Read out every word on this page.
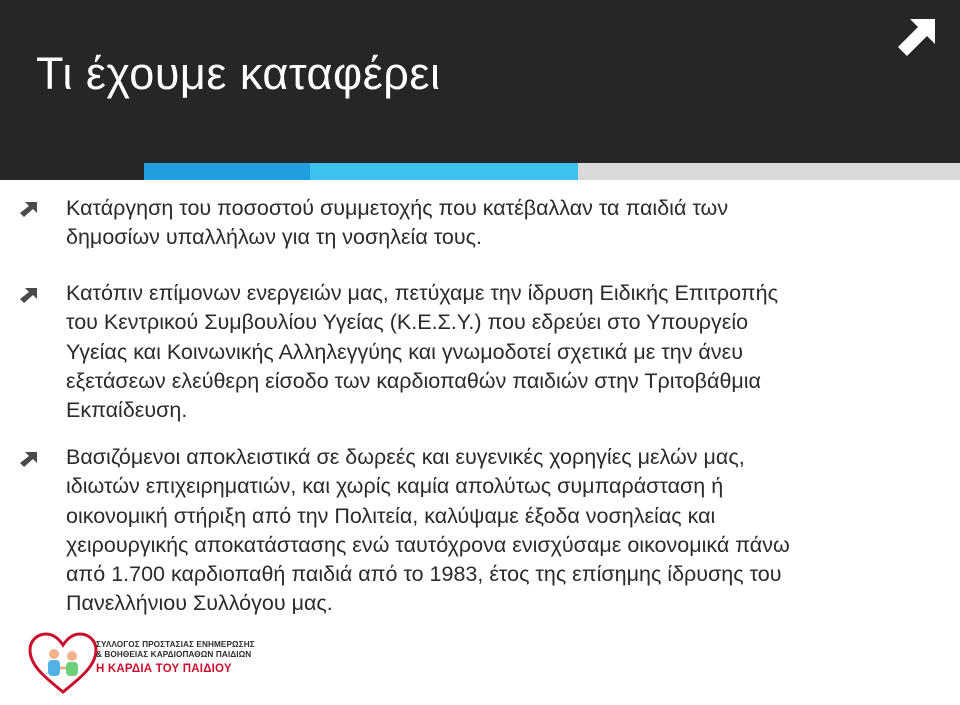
Τι έχουμε καταφέρει
Κατάργηση του ποσοστού συμμετοχής που κατέβαλλαν τα παιδιά των
δημοσίων υπαλλήλων για τη νοσηλεία τους.
Κατόπιν επίμονων ενεργειών μας, πετύχαμε την ίδρυση Ειδικής Επιτροπής
του Κεντρικού Συμβουλίου Υγείας (Κ.Ε.Σ.Υ.) που εδρεύει στο Υπουργείο
Υγείας και Κοινωνικής Αλληλεγγύης και γνωμοδοτεί σχετικά με την άνευ
εξετάσεων ελεύθερη είσοδο των καρδιοπαθών παιδιών στην Τριτοβάθμια
Εκπαίδευση.
Βασιζόμενοι αποκλειστικά σε δωρεές και ευγενικές χορηγίες μελών μας,
ιδιωτών επιχειρηματιών, και χωρίς καμία απολύτως συμπαράσταση ή
οικονομική στήριξη από την Πολιτεία, καλύψαμε έξοδα νοσηλείας και
χειρουργικής αποκατάστασης ενώ ταυτόχρονα ενισχύσαμε οικονομικά πάνω
από 1.700 καρδιοπαθή παιδιά από το 1983, έτος της επίσημης ίδρυσης του
Πανελλήνιου Συλλόγου μας.
ΣΥΛΛΟΓΟΣ ΠΡΟΣΤΑΣΙΑΣ ΕΝΗΜΕΡΩΣΗΣ
& ΒΟΗΘΕΙΑΣ ΚΑΡΔΙΟΠΑΘΩΝ ΠΑΙΔΙΩΝ
Η ΚΑΡΔΙΑ ΤΟΥ ΠΑΙΔΙΟΥ
